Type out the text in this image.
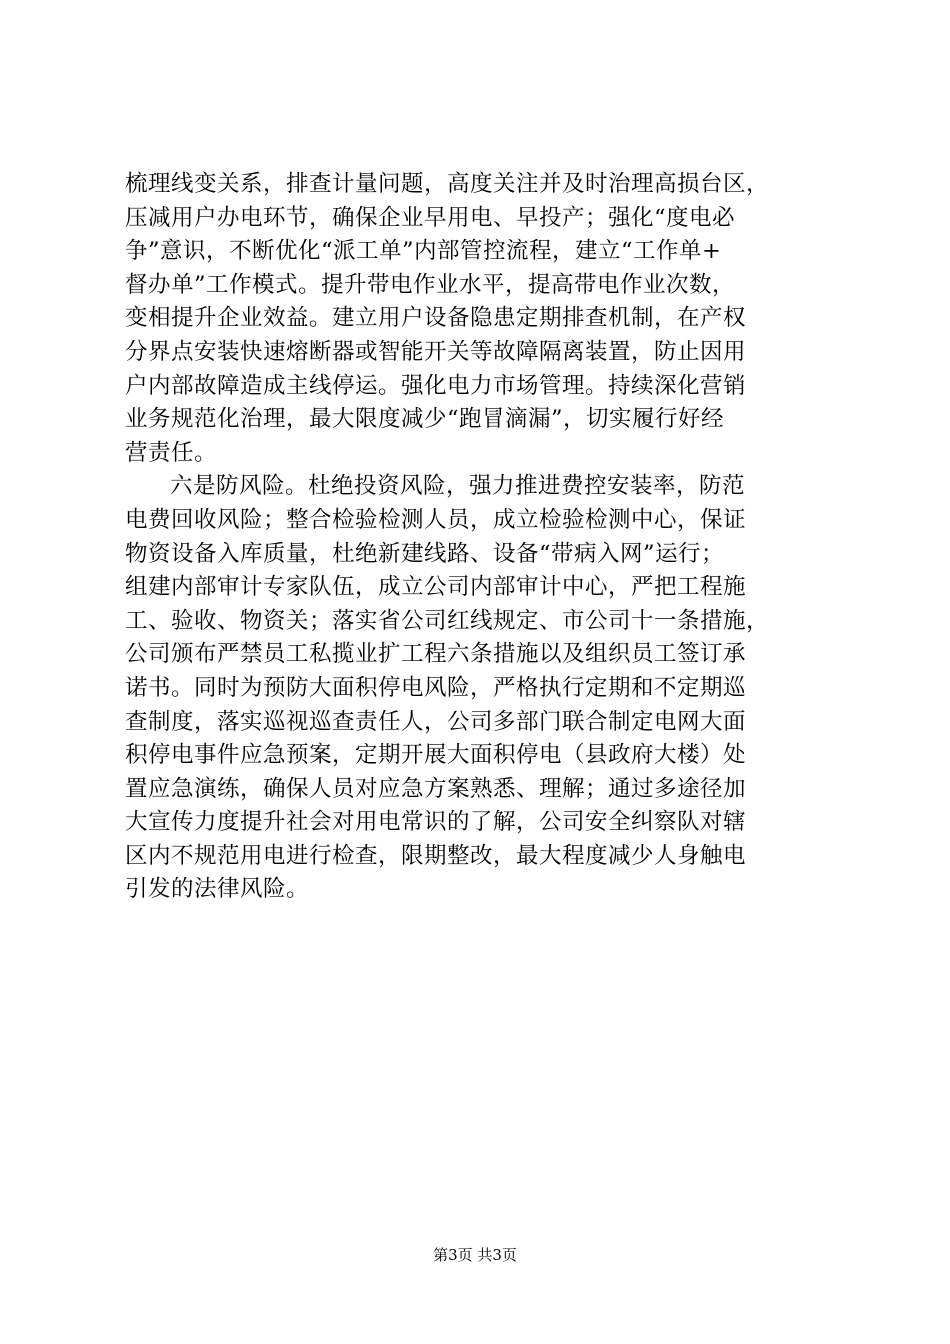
梳理线变关系，排查计量问题，高度关注并及时治理高损台区，
压减用户办电环节，确保企业早用电、早投产；强化“度电必
争”意识，不断优化“派工单”内部管控流程，建立“工作单+
督办单”工作模式。提升带电作业水平，提高带电作业次数，
变相提升企业效益。建立用户设备隐患定期排查机制，在产权
分界点安装快速熔断器或智能开关等故障隔离装置，防止因用
户内部故障造成主线停运。强化电力市场管理。持续深化营销
业务规范化治理，最大限度减少“跑冒滴漏”，切实履行好经
营责任。

六是防风险。杜绝投资风险，强力推进费控安装率，防范
电费回收风险；整合检验检测人员，成立检验检测中心，保证
物资设备入库质量，杜绝新建线路、设备“带病入网”运行；
组建内部审计专家队伍，成立公司内部审计中心，严把工程施
工、验收、物资关；落实省公司红线规定、市公司十一条措施，
公司颁布严禁员工私揽业扩工程六条措施以及组织员工签订承
诺书。同时为预防大面积停电风险，严格执行定期和不定期巡
查制度，落实巡视巡查责任人，公司多部门联合制定电网大面
积停电事件应急预案，定期开展大面积停电（县政府大楼）处
置应急演练，确保人员对应急方案熟悉、理解；通过多途径加
大宣传力度提升社会对用电常识的了解，公司安全纠察队对辖
区内不规范用电进行检查，限期整改，最大程度减少人身触电
引发的法律风险。

第3页 共3页
